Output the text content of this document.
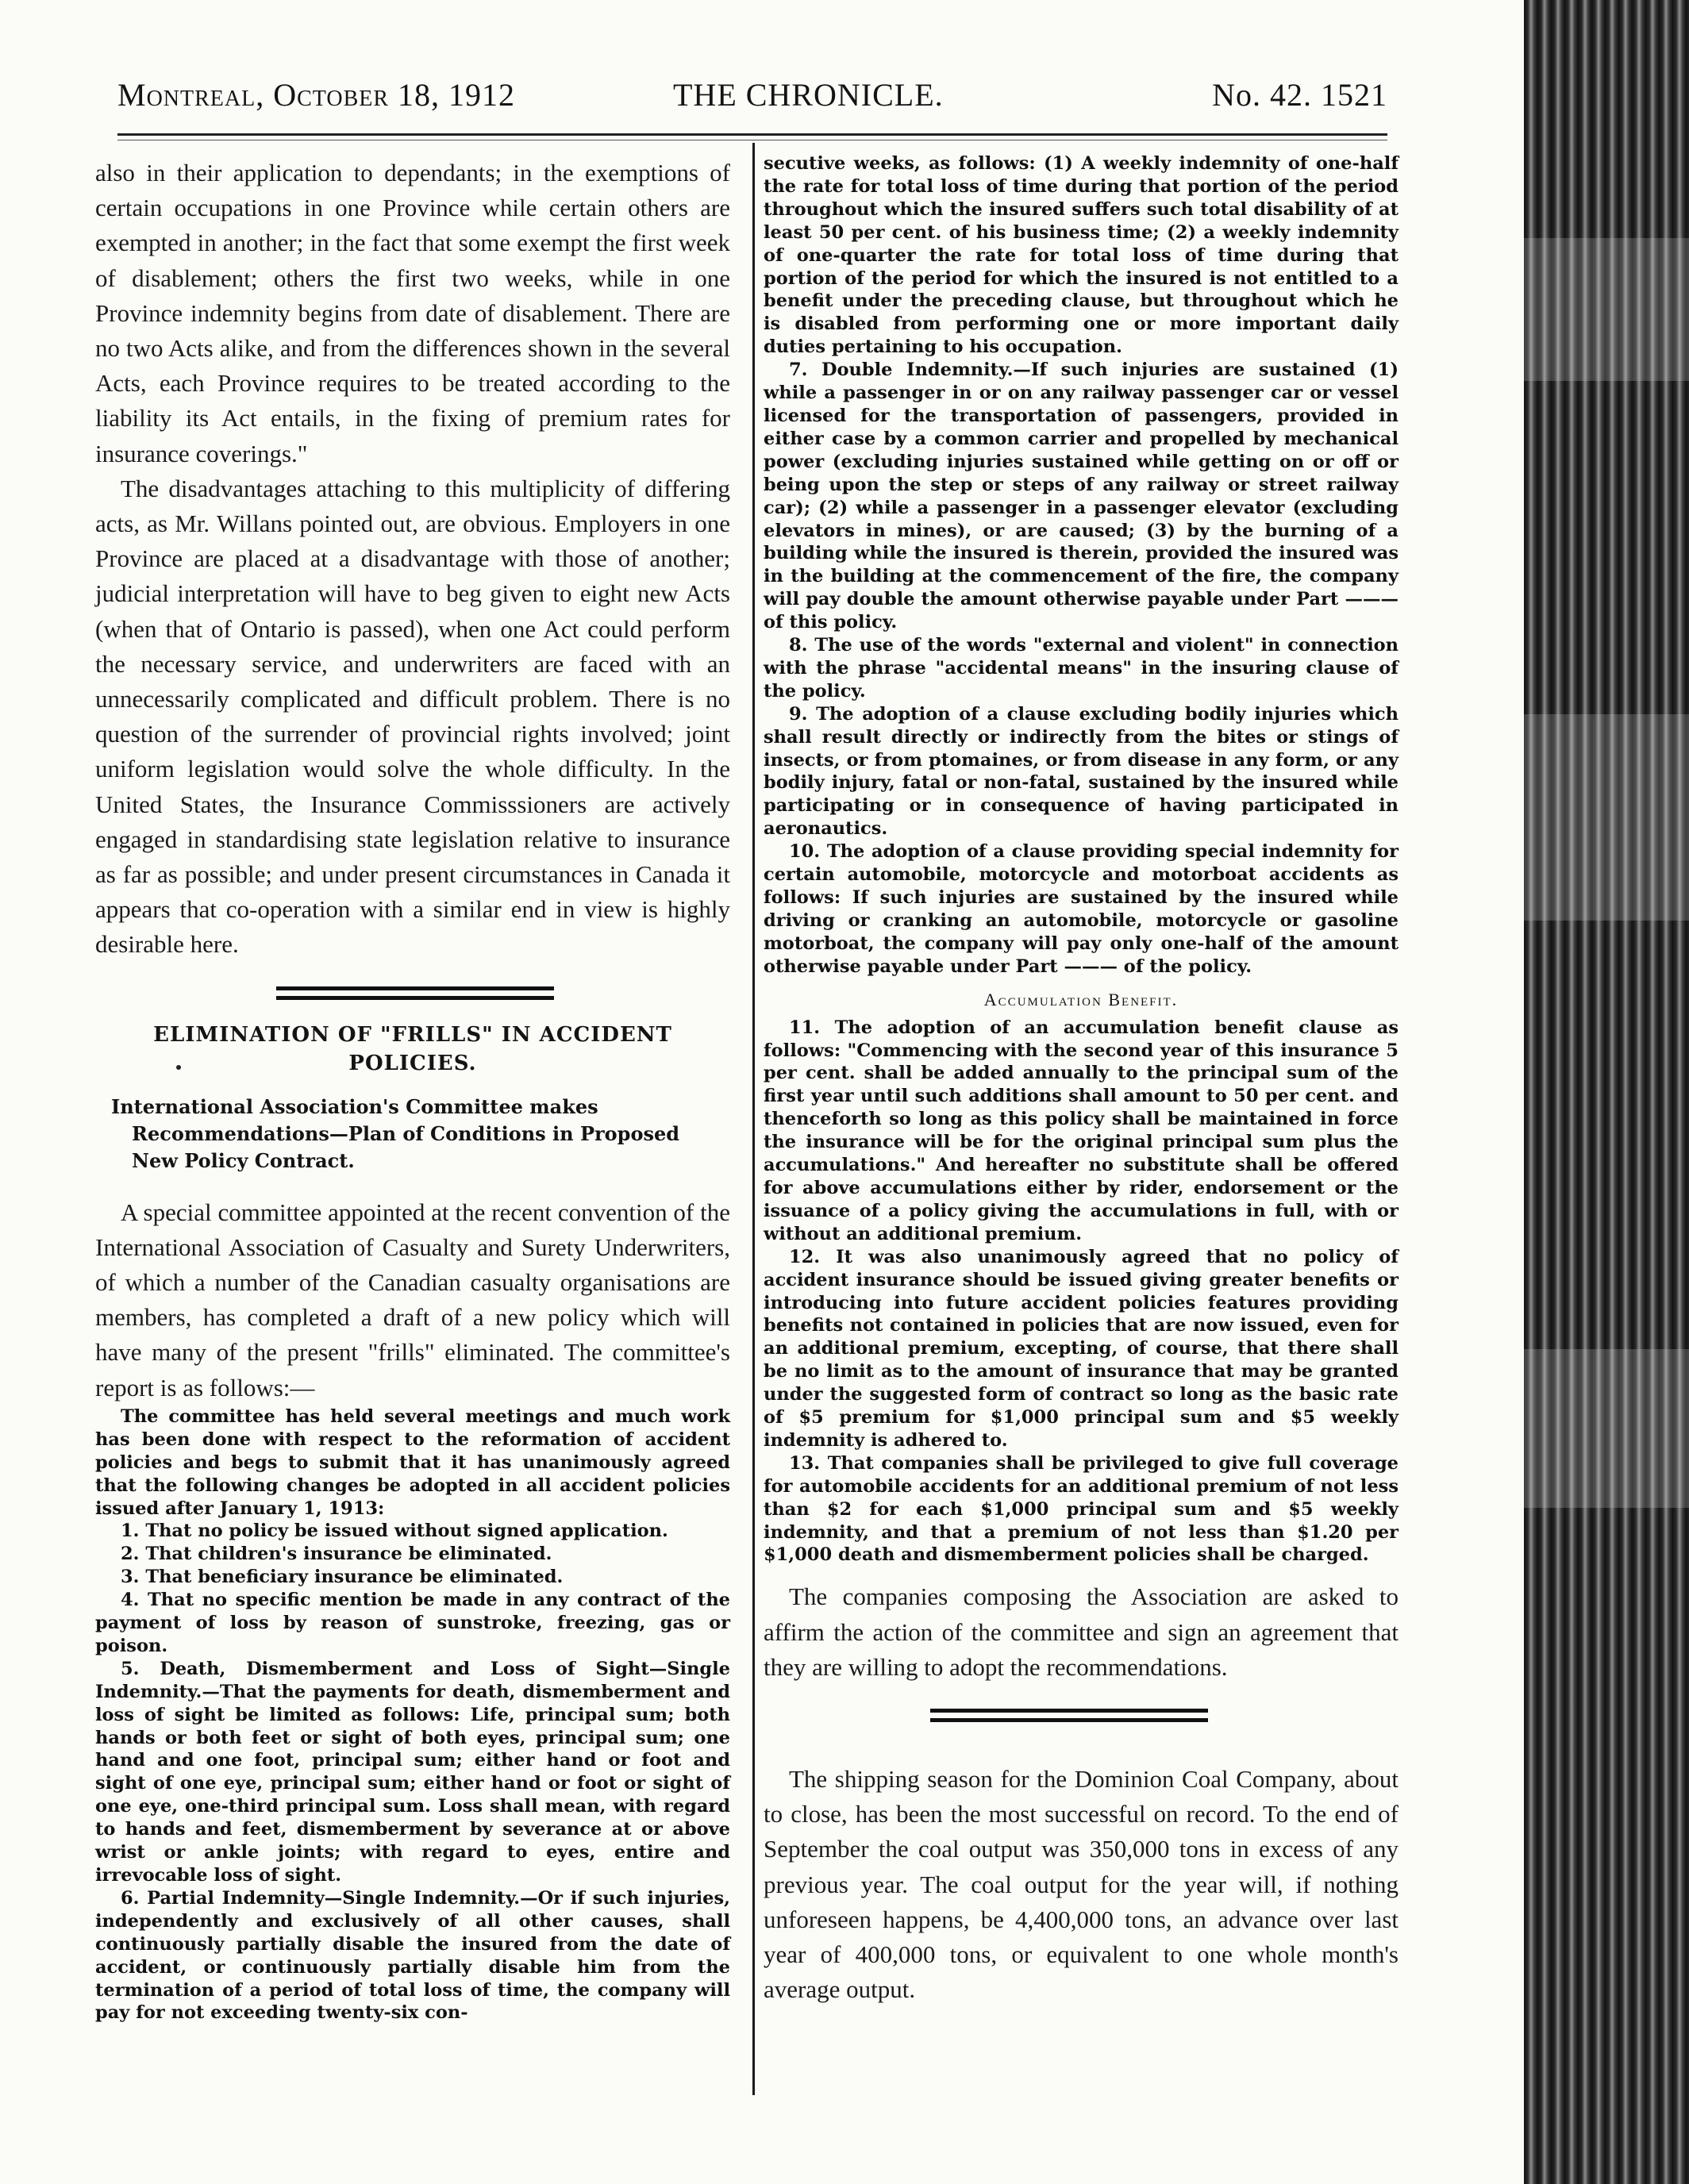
Montreal, October 18, 1912	THE CHRONICLE.	No. 42. 1521

also in their application to dependants; in the exemptions of certain occupations in one Province while certain others are exempted in another; in the fact that some exempt the first week of disablement; others the first two weeks, while in one Province indemnity begins from date of disablement. There are no two Acts alike, and from the differences shown in the several Acts, each Province requires to be treated according to the liability its Act entails, in the fixing of premium rates for insurance coverings."

The disadvantages attaching to this multiplicity of differing acts, as Mr. Willans pointed out, are obvious. Employers in one Province are placed at a disadvantage with those of another; judicial interpretation will have to beg given to eight new Acts (when that of Ontario is passed), when one Act could perform the necessary service, and underwriters are faced with an unnecessarily complicated and difficult problem. There is no question of the surrender of provincial rights involved; joint uniform legislation would solve the whole difficulty. In the United States, the Insurance Commisssioners are actively engaged in standardising state legislation relative to insurance as far as possible; and under present circumstances in Canada it appears that co-operation with a similar end in view is highly desirable here.

ELIMINATION OF "FRILLS" IN ACCIDENT POLICIES.
International Association's Committee makes Recommendations—Plan of Conditions in Proposed New Policy Contract.

A special committee appointed at the recent convention of the International Association of Casualty and Surety Underwriters, of which a number of the Canadian casualty organisations are members, has completed a draft of a new policy which will have many of the present "frills" eliminated. The committee's report is as follows:—

The committee has held several meetings and much work has been done with respect to the reformation of accident policies and begs to submit that it has unanimously agreed that the following changes be adopted in all accident policies issued after January 1, 1913:

1. That no policy be issued without signed application.

2. That children's insurance be eliminated.

3. That beneficiary insurance be eliminated.

4. That no specific mention be made in any contract of the payment of loss by reason of sunstroke, freezing, gas or poison.

5. Death, Dismemberment and Loss of Sight—Single Indemnity.—That the payments for death, dismemberment and loss of sight be limited as follows: Life, principal sum; both hands or both feet or sight of both eyes, principal sum; one hand and one foot, principal sum; either hand or foot and sight of one eye, principal sum; either hand or foot or sight of one eye, one-third principal sum. Loss shall mean, with regard to hands and feet, dismemberment by severance at or above wrist or ankle joints; with regard to eyes, entire and irrevocable loss of sight.

6. Partial Indemnity—Single Indemnity.—Or if such injuries, independently and exclusively of all other causes, shall continuously partially disable the insured from the date of accident, or continuously partially disable him from the termination of a period of total loss of time, the company will pay for not exceeding twenty-six con-

secutive weeks, as follows: (1) A weekly indemnity of one-half the rate for total loss of time during that portion of the period throughout which the insured suffers such total disability of at least 50 per cent. of his business time; (2) a weekly indemnity of one-quarter the rate for total loss of time during that portion of the period for which the insured is not entitled to a benefit under the preceding clause, but throughout which he is disabled from performing one or more important daily duties pertaining to his occupation.

7. Double Indemnity.—If such injuries are sustained (1) while a passenger in or on any railway passenger car or vessel licensed for the transportation of passengers, provided in either case by a common carrier and propelled by mechanical power (excluding injuries sustained while getting on or off or being upon the step or steps of any railway or street railway car); (2) while a passenger in a passenger elevator (excluding elevators in mines), or are caused; (3) by the burning of a building while the insured is therein, provided the insured was in the building at the commencement of the fire, the company will pay double the amount otherwise payable under Part ——— of this policy.

8. The use of the words "external and violent" in connection with the phrase "accidental means" in the insuring clause of the policy.

9. The adoption of a clause excluding bodily injuries which shall result directly or indirectly from the bites or stings of insects, or from ptomaines, or from disease in any form, or any bodily injury, fatal or non-fatal, sustained by the insured while participating or in consequence of having participated in aeronautics.

10. The adoption of a clause providing special indemnity for certain automobile, motorcycle and motorboat accidents as follows: If such injuries are sustained by the insured while driving or cranking an automobile, motorcycle or gasoline motorboat, the company will pay only one-half of the amount otherwise payable under Part ——— of the policy.

Accumulation Benefit.

11. The adoption of an accumulation benefit clause as follows: "Commencing with the second year of this insurance 5 per cent. shall be added annually to the principal sum of the first year until such additions shall amount to 50 per cent. and thenceforth so long as this policy shall be maintained in force the insurance will be for the original principal sum plus the accumulations." And hereafter no substitute shall be offered for above accumulations either by rider, endorsement or the issuance of a policy giving the accumulations in full, with or without an additional premium.

12. It was also unanimously agreed that no policy of accident insurance should be issued giving greater benefits or introducing into future accident policies features providing benefits not contained in policies that are now issued, even for an additional premium, excepting, of course, that there shall be no limit as to the amount of insurance that may be granted under the suggested form of contract so long as the basic rate of $5 premium for $1,000 principal sum and $5 weekly indemnity is adhered to.

13. That companies shall be privileged to give full coverage for automobile accidents for an additional premium of not less than $2 for each $1,000 principal sum and $5 weekly indemnity, and that a premium of not less than $1.20 per $1,000 death and dismemberment policies shall be charged.

The companies composing the Association are asked to affirm the action of the committee and sign an agreement that they are willing to adopt the recommendations.

The shipping season for the Dominion Coal Company, about to close, has been the most successful on record. To the end of September the coal output was 350,000 tons in excess of any previous year. The coal output for the year will, if nothing unforeseen happens, be 4,400,000 tons, an advance over last year of 400,000 tons, or equivalent to one whole month's average output.
